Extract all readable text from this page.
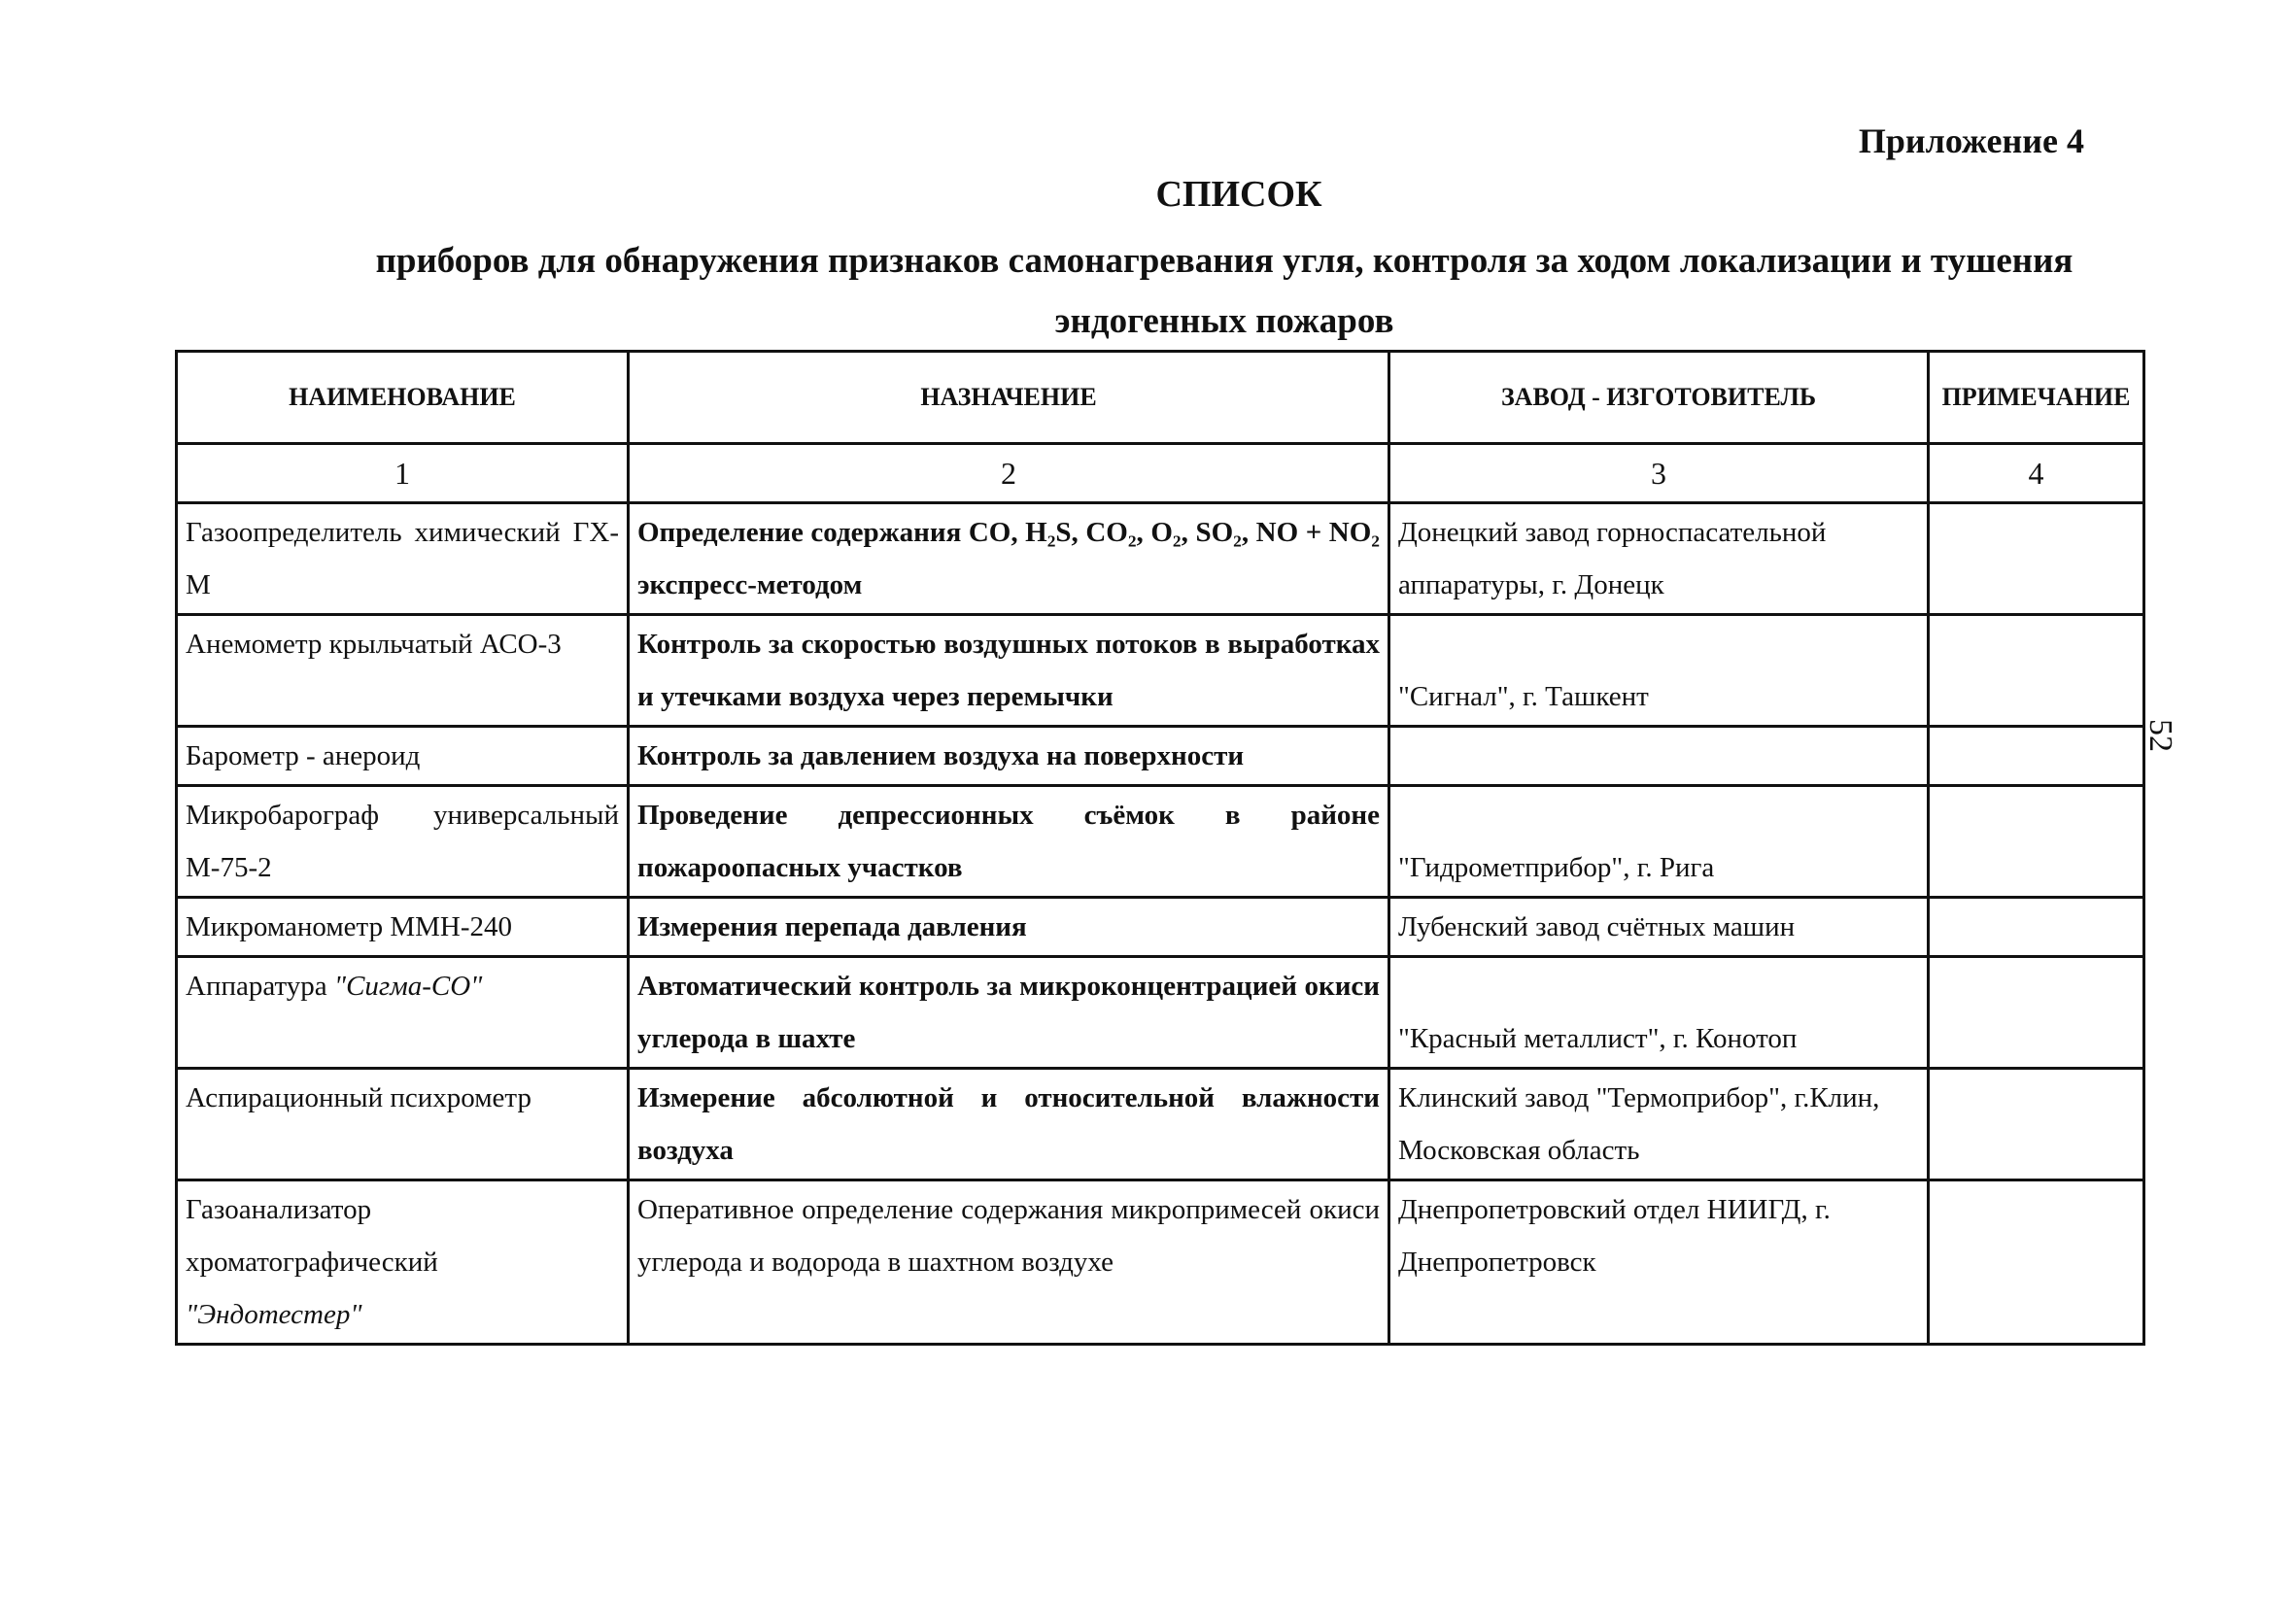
Приложение 4

СПИСОК

приборов для обнаружения признаков самонагревания угля, контроля за ходом локализации и тушения эндогенных пожаров

52
НАИМЕНОВАНИЕ	НАЗНАЧЕНИЕ	ЗАВОД - ИЗГОТОВИТЕЛЬ	ПРИМЕЧАНИЕ
1	2	3	4
Газоопределитель химический ГХ-М	Определение содержания CO, H₂S, CO₂, O₂, SO₂, NO + NO₂ экспресс-методом	Донецкий завод горноспасательной аппаратуры, г. Донецк	
Анемометр крыльчатый АСО-3	Контроль за скоростью воздушных потоков в выработках и утечками воздуха через перемычки	"Сигнал", г. Ташкент	
Барометр - анероид	Контроль за давлением воздуха на поверхности		
Микробарограф универсальный М-75-2	Проведение депрессионных съёмок в районе пожароопасных участков	"Гидрометприбор", г. Рига	
Микроманометр ММН-240	Измерения перепада давления	Лубенский завод счётных машин	
Аппаратура "Сигма-СО"	Автоматический контроль за микроконцентрацией окиси углерода в шахте	"Красный металлист", г. Конотоп	
Аспирационный психрометр	Измерение абсолютной и относительной влажности воздуха	Клинский завод "Термоприбор", г.Клин, Московская область	
Газоанализатор хроматографический "Эндотестер"	Оперативное определение содержания микропримесей окиси углерода и водорода в шахтном воздухе	Днепропетровский отдел НИИГД, г. Днепропетровск	
